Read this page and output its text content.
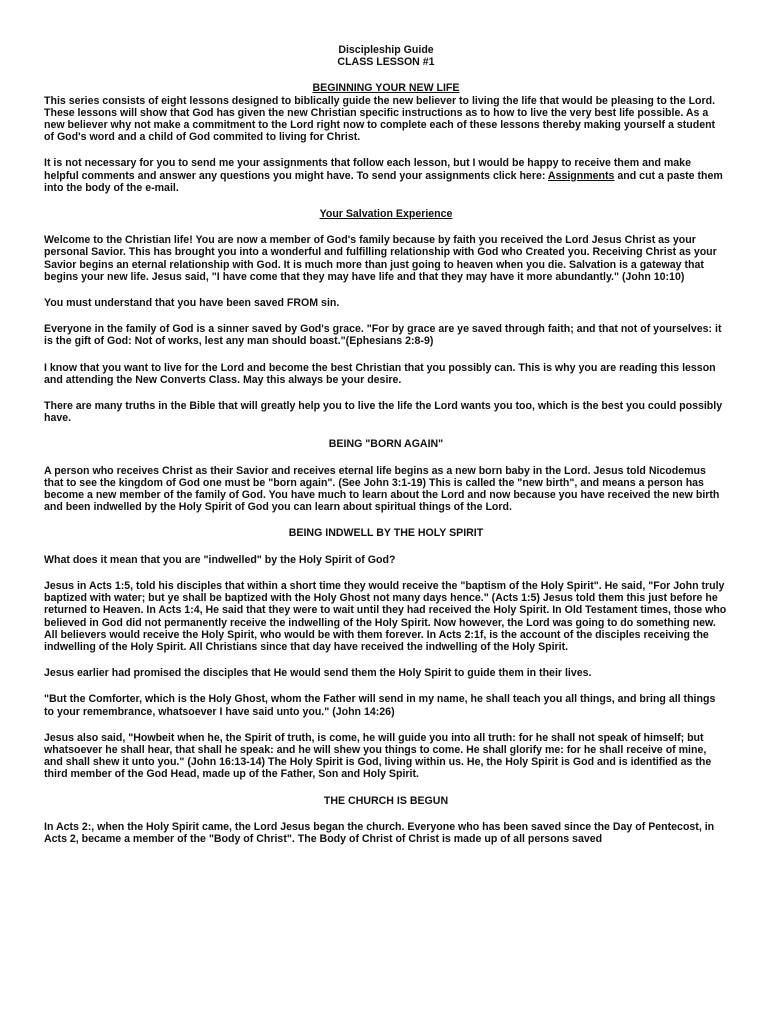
Discipleship Guide

CLASS LESSON #1

BEGINNING YOUR NEW LIFE

This series consists of eight lessons designed to biblically guide the new believer to living the life that would be pleasing to the Lord. These lessons will show that God has given the new Christian specific instructions as to how to live the very best life possible. As a new believer why not make a commitment to the Lord right now to complete each of these lessons thereby making yourself a student of God's word and a child of God commited to living for Christ.

It is not necessary for you to send me your assignments that follow each lesson, but I would be happy to receive them and make helpful comments and answer any questions you might have. To send your assignments click here: Assignments and cut a paste them into the body of the e-mail.

Your Salvation Experience

Welcome to the Christian life! You are now a member of God's family because by faith you received the Lord Jesus Christ as your personal Savior. This has brought you into a wonderful and fulfilling relationship with God who Created you. Receiving Christ as your Savior begins an eternal relationship with God. It is much more than just going to heaven when you die. Salvation is a gateway that begins your new life. Jesus said, "I have come that they may have life and that they may have it more abundantly." (John 10:10)

You must understand that you have been saved FROM sin.

Everyone in the family of God is a sinner saved by God's grace. "For by grace are ye saved through faith; and that not of yourselves: it is the gift of God: Not of works, lest any man should boast."(Ephesians 2:8-9)

I know that you want to live for the Lord and become the best Christian that you possibly can. This is why you are reading this lesson and attending the New Converts Class. May this always be your desire.

There are many truths in the Bible that will greatly help you to live the life the Lord wants you too, which is the best you could possibly have.

BEING "BORN AGAIN"

A person who receives Christ as their Savior and receives eternal life begins as a new born baby in the Lord. Jesus told Nicodemus that to see the kingdom of God one must be "born again". (See John 3:1-19) This is called the "new birth", and means a person has become a new member of the family of God. You have much to learn about the Lord and now because you have received the new birth and been indwelled by the Holy Spirit of God you can learn about spiritual things of the Lord.

BEING INDWELL BY THE HOLY SPIRIT

What does it mean that you are "indwelled" by the Holy Spirit of God?

Jesus in Acts 1:5, told his disciples that within a short time they would receive the "baptism of the Holy Spirit". He said, "For John truly baptized with water; but ye shall be baptized with the Holy Ghost not many days hence." (Acts 1:5) Jesus told them this just before he returned to Heaven. In Acts 1:4, He said that they were to wait until they had received the Holy Spirit. In Old Testament times, those who believed in God did not permanently receive the indwelling of the Holy Spirit. Now however, the Lord was going to do something new. All believers would receive the Holy Spirit, who would be with them forever. In Acts 2:1f, is the account of the disciples receiving the indwelling of the Holy Spirit. All Christians since that day have received the indwelling of the Holy Spirit.

Jesus earlier had promised the disciples that He would send them the Holy Spirit to guide them in their lives.

"But the Comforter, which is the Holy Ghost, whom the Father will send in my name, he shall teach you all things, and bring all things to your remembrance, whatsoever I have said unto you." (John 14:26)

Jesus also said, "Howbeit when he, the Spirit of truth, is come, he will guide you into all truth: for he shall not speak of himself; but whatsoever he shall hear, that shall he speak: and he will shew you things to come. He shall glorify me: for he shall receive of mine, and shall shew it unto you." (John 16:13-14) The Holy Spirit is God, living within us. He, the Holy Spirit is God and is identified as the third member of the God Head, made up of the Father, Son and Holy Spirit.

THE CHURCH IS BEGUN

In Acts 2:, when the Holy Spirit came, the Lord Jesus began the church. Everyone who has been saved since the Day of Pentecost, in Acts 2, became a member of the "Body of Christ". The Body of Christ of Christ is made up of all persons saved
